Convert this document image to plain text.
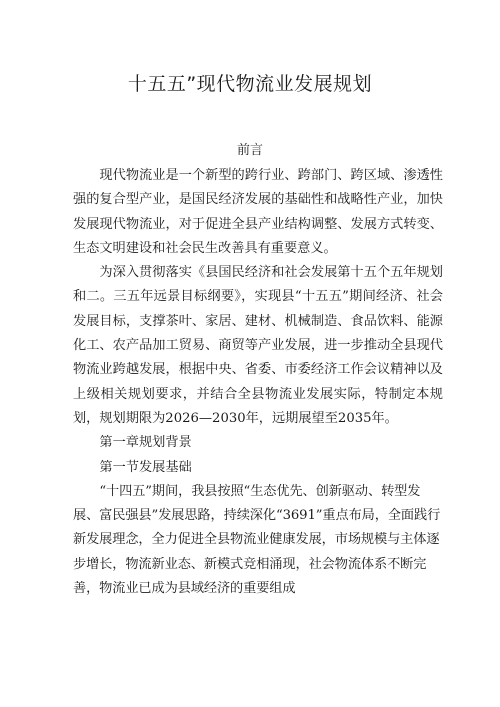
十五五”现代物流业发展规划
前言

现代物流业是一个新型的跨行业、跨部门、跨区域、渗透性强的复合型产业，是国民经济发展的基础性和战略性产业，加快发展现代物流业，对于促进全县产业结构调整、发展方式转变、生态文明建设和社会民生改善具有重要意义。

为深入贯彻落实《县国民经济和社会发展第十五个五年规划和二。三五年远景目标纲要》，实现县“十五五”期间经济、社会发展目标，支撑茶叶、家居、建材、机械制造、食品饮料、能源化工、农产品加工贸易、商贸等产业发展，进一步推动全县现代物流业跨越发展，根据中央、省委、市委经济工作会议精神以及上级相关规划要求，并结合全县物流业发展实际，特制定本规划，规划期限为2026—2030年，远期展望至2035年。

第一章规划背景

第一节发展基础

“十四五”期间，我县按照“生态优先、创新驱动、转型发展、富民强县”发展思路，持续深化“3691”重点布局，全面践行新发展理念，全力促进全县物流业健康发展，市场规模与主体逐步增长，物流新业态、新模式竞相涌现，社会物流体系不断完善，物流业已成为县域经济的重要组成
